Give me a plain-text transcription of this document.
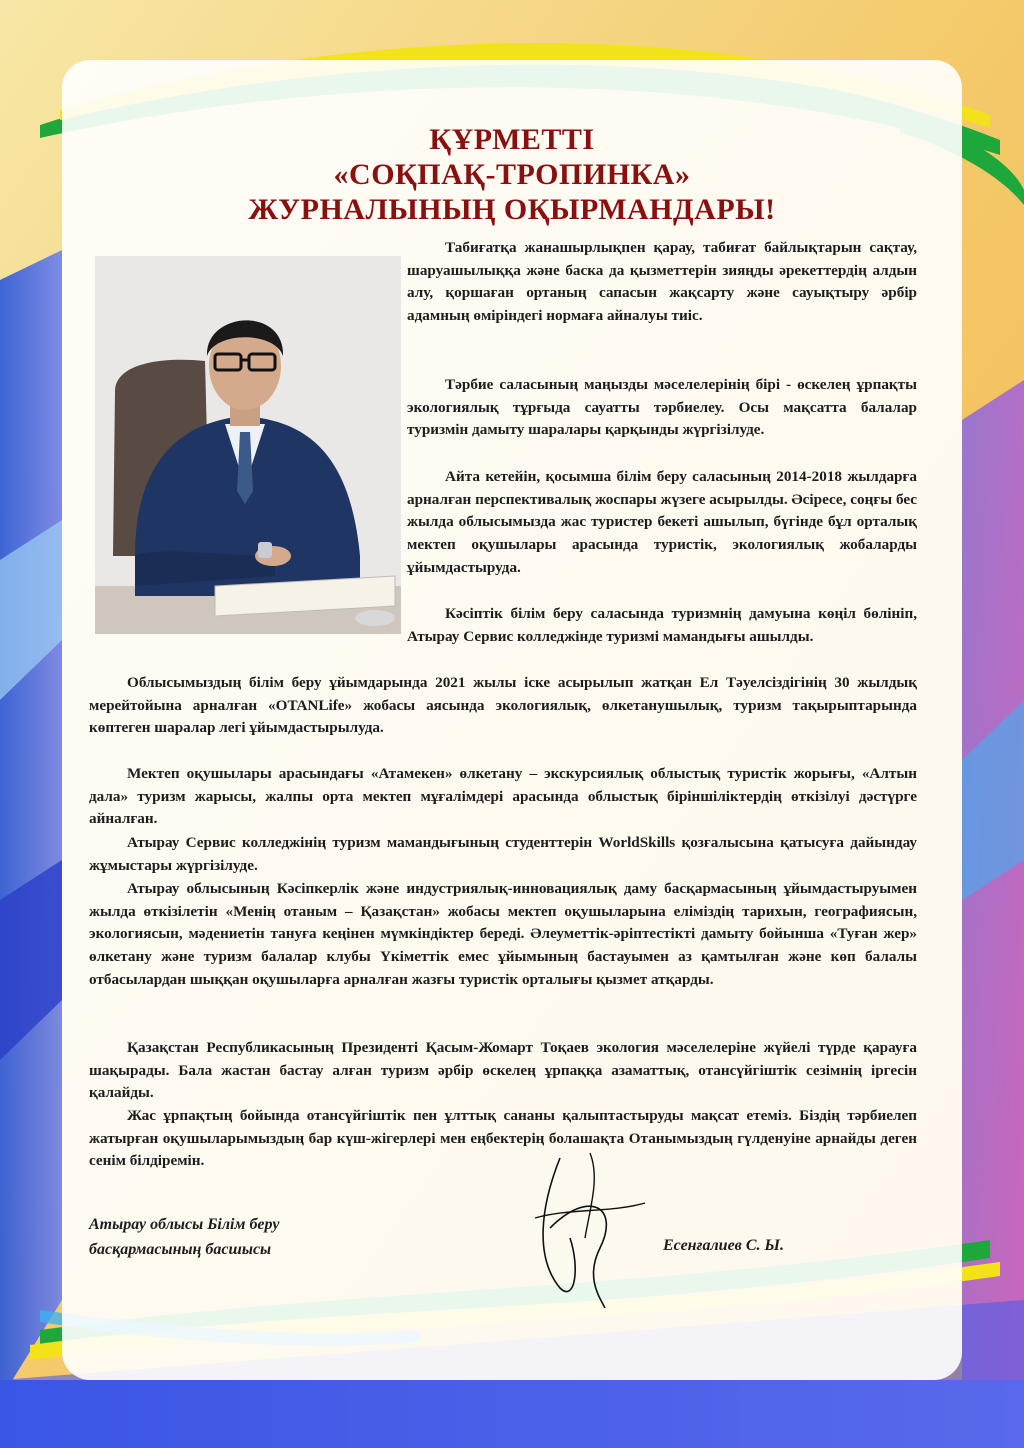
ҚҰРМЕТТІ
«СОҚПАҚ-ТРОПИНКА»
ЖУРНАЛЫНЫҢ ОҚЫРМАНДАРЫ!

Табиғатқа жанашырлықпен қарау, табиғат байлықтарын сақтау, шаруашылыққа және баска да қызметтерін зияңды әрекеттердің алдын алу, қоршаған ортаның сапасын жақсарту және сауықтыру әрбір адамның өміріндегі нормаға айналуы тиіс.

Тәрбие саласының маңызды мәселелерінің бірі - өскелең ұрпақты экологиялық тұрғыда сауатты тәрбиелеу. Осы мақсатта балалар туризмін дамыту шаралары қарқынды жүргізілуде.

Айта кетейін, қосымша білім беру саласының 2014-2018 жылдарға арналған перспективалық жоспары жүзеге асырылды. Әсіресе, соңғы бес жылда облысымызда жас туристер бекеті ашылып, бүгінде бұл орталық мектеп оқушылары арасында туристік, экологиялық жобаларды ұйымдастыруда.

Кәсіптік білім беру саласында туризмнің дамуына көңіл бөлініп, Атырау Сервис колледжінде туризмі мамандығы ашылды.

Облысымыздың білім беру ұйымдарында 2021 жылы іске асырылып жатқан Ел Тәуелсіздігінің 30 жылдық мерейтойына арналған «OTANLife» жобасы аясында экологиялық, өлкетанушылық, туризм тақырыптарында көптеген шаралар легі ұйымдастырылуда.

Мектеп оқушылары арасындағы «Атамекен» өлкетану – экскурсиялық облыстық туристік жорығы, «Алтын дала» туризм жарысы, жалпы орта мектеп мұғалімдері арасында облыстық біріншіліктердің өткізілуі дәстүрге айналған.

Атырау Сервис колледжінің туризм мамандығының студенттерін WorldSkills қозғалысына қатысуға дайындау жұмыстары жүргізілуде.

Атырау облысының Кәсіпкерлік және индустриялық-инновациялық даму басқармасының ұйымдастыруымен жылда өткізілетін «Менің отаным – Қазақстан» жобасы мектеп оқушыларына еліміздің тарихын, географиясын, экологиясын, мәдениетін тануға кеңінен мүмкіндіктер береді. Әлеуметтік-әріптестікті дамыту бойынша «Туған жер» өлкетану және туризм балалар клубы Үкіметтік емес ұйымының бастауымен аз қамтылған және көп балалы отбасылардан шыққан оқушыларға арналған жазғы туристік орталығы қызмет атқарды.

Қазақстан Республикасының Президенті Қасым-Жомарт Тоқаев экология мәселелеріне жүйелі түрде қарауға шақырады. Бала жастан бастау алған туризм әрбір өскелең ұрпаққа азаматтық, отансүйгіштік сезімнің іргесін қалайды.

Жас ұрпақтың бойында отансүйгіштік пен ұлттық сананы қалыптастыруды мақсат етеміз. Біздің тәрбиелеп жатырған оқушыларымыздың бар күш-жігерлері мен еңбектерің болашақта Отанымыздың гүлденуіне арнайды деген сенім білдіремін.

Атырау облысы Білім беру
басқармасының басшысы	Есенғалиев С. Ы.
